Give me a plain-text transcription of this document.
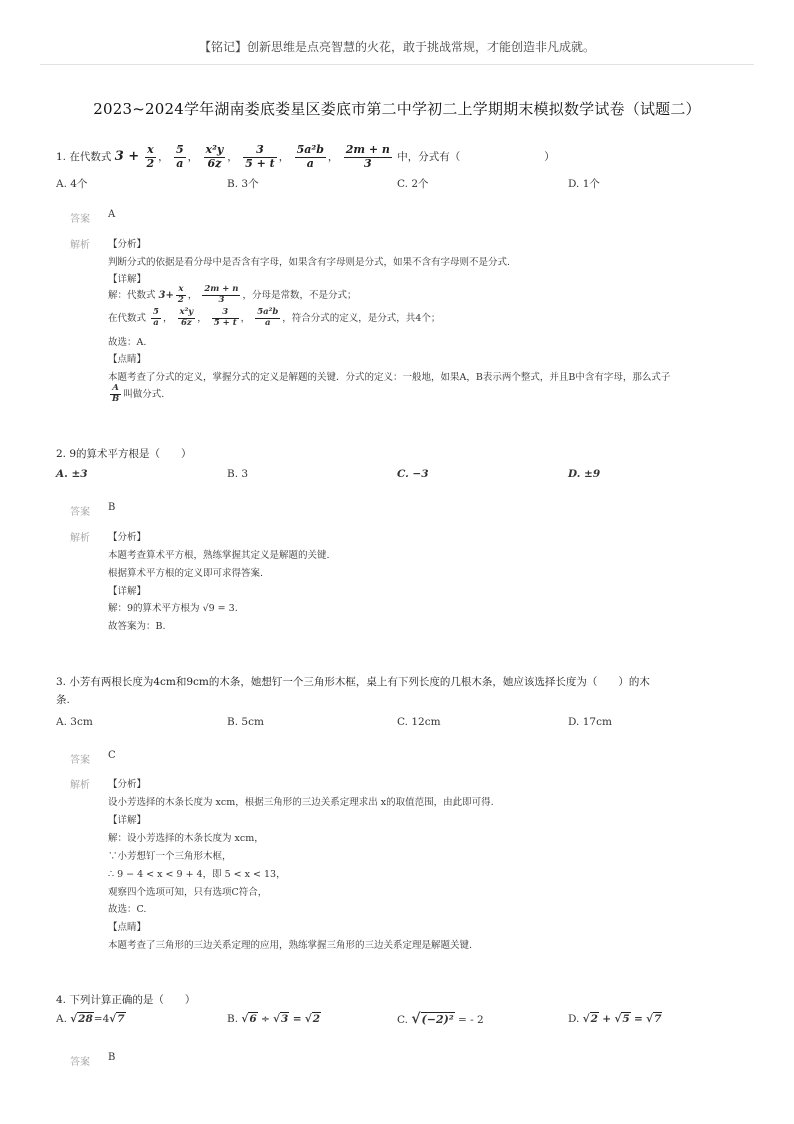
【铭记】创新思维是点亮智慧的火花，敢于挑战常规，才能创造非凡成就。
2023~2024学年湖南娄底娄星区娄底市第二中学初二上学期期末模拟数学试卷（试题二）
1. 在代数式 $3 + \frac{x}{2}$ ， $\frac{5}{a}$ ， $\frac{\text{x²y}}{6z}$ ， $\frac{3}{5 + t}$ ， $\frac{\text{5a²b}}{a}$ ， $\frac{2m + n}{3}$ 中，分式有（　　　　　　　　）
A. 4个	B. 3个	C. 2个	D. 1个
答案 A
解析 【分析】
判断分式的依据是看分母中是否含有字母，如果含有字母则是分式，如果不含有字母则不是分式.
【详解】
解：代数式 $3+ \frac{x}{2}$ ， $\frac{2m + n}{3}$ ，分母是常数，不是分式；
在代数式 $\frac{5}{a}$ ， $\frac{\text{x²y}}{6z}$ ， $\frac{3}{5 + t}$ ， $\frac{\text{5a²b}}{a}$ ，符合分式的定义，是分式，共4个；
故选：A.
【点睛】
本题考查了分式的定义，掌握分式的定义是解题的关键．分式的定义：一般地，如果A，B表示两个整式，并且B中含有字母，那么式子
$\frac{A}{B}$ 叫做分式.
2. 9的算术平方根是（　　）
A. ±3	B. 3	C. −3	D. ±9
答案 B
解析 【分析】
本题考查算术平方根，熟练掌握其定义是解题的关键.
根据算术平方根的定义即可求得答案.
【详解】
解：9的算术平方根为 √9 = 3.
故答案为：B.
3. 小芳有两根长度为4cm和9cm的木条，她想钉一个三角形木框，桌上有下列长度的几根木条，她应该选择长度为（　　）的木
条.
A. 3cm	B. 5cm	C. 12cm	D. 17cm
答案 C
解析 【分析】
设小芳选择的木条长度为 xcm，根据三角形的三边关系定理求出 x的取值范围，由此即可得.
【详解】
解：设小芳选择的木条长度为 xcm，
∵小芳想钉一个三角形木框，
∴ 9 − 4 < x < 9 + 4，即 5 < x < 13，
观察四个选项可知，只有选项C符合，
故选：C.
【点睛】
本题考查了三角形的三边关系定理的应用，熟练掌握三角形的三边关系定理是解题关键.
4. 下列计算正确的是（　　）
A. √28=4√7	B. √6 ÷ √3 = √2	C. √(−2)² = - 2	D. √2 + √5 = √7
答案 B
